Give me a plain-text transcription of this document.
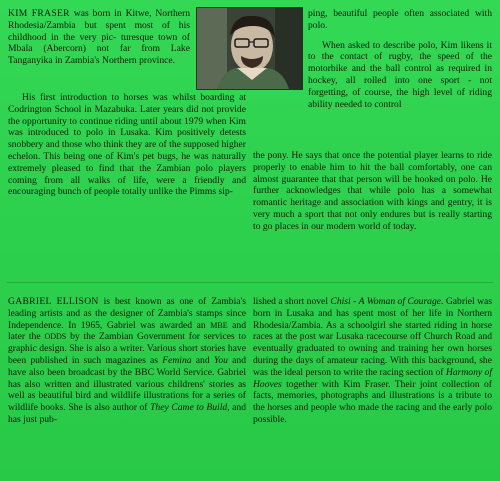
KIM FRASER was born in Kitwe, Northern Rhodesia/Zambia but spent most of his childhood in the very pic- turesque town of Mbala (Abercorn) not far from Lake Tanganyika in Zambia's Northern province.

His first introduction to horses was whilst boarding at Codrington School in Mazabuka. Later years did not provide the opportunity to continue riding until about 1979 when Kim was introduced to polo in Lusaka. Kim positively detests snobbery and those who think they are of the supposed higher echelon. This being one of Kim's pet bugs, he was naturally extremely pleased to find that the Zambian polo players coming from all walks of life, were a friendly and encouraging bunch of people totally unlike the Pimms sip-

ping, beautiful people often associated with polo.

When asked to describe polo, Kim likens it to the contact of rugby, the speed of the motorbike and the ball control as required in hockey, all rolled into one sport - not forgetting, of course, the high level of riding ability needed to control

the pony. He says that once the potential player learns to ride properly to enable him to hit the ball comfortably, one can almost guarantee that that person will be hooked on polo. He further acknowledges that while polo has a somewhat romantic heritage and association with kings and gentry, it is very much a sport that not only endures but is really starting to go places in our modern world of today.

GABRIEL ELLISON is best known as one of Zambia's leading artists and as the designer of Zambia's stamps since Independence. In 1965, Gabriel was awarded an MBE and later the ODDS by the Zambian Government for services to graphic design. She is also a writer. Various short stories have been published in such magazines as Femina and You and have also been broadcast by the BBC World Service. Gabriel has also written and illustrated various childrens' stories as well as beautiful bird and wildlife illustrations for a series of wildlife books. She is also author of They Came to Build, and has just pub-

lished a short novel Chisi - A Woman of Courage. Gabriel was born in Lusaka and has spent most of her life in Northern Rhodesia/Zambia. As a schoolgirl she started riding in horse races at the post war Lusaka racecourse off Church Road and eventually graduated to owning and training her own horses during the days of amateur racing. With this background, she was the ideal person to write the racing section of Harmony of Hooves together with Kim Fraser. Their joint collection of facts, memories, photographs and illustrations is a tribute to the horses and people who made the racing and the early polo possible.
